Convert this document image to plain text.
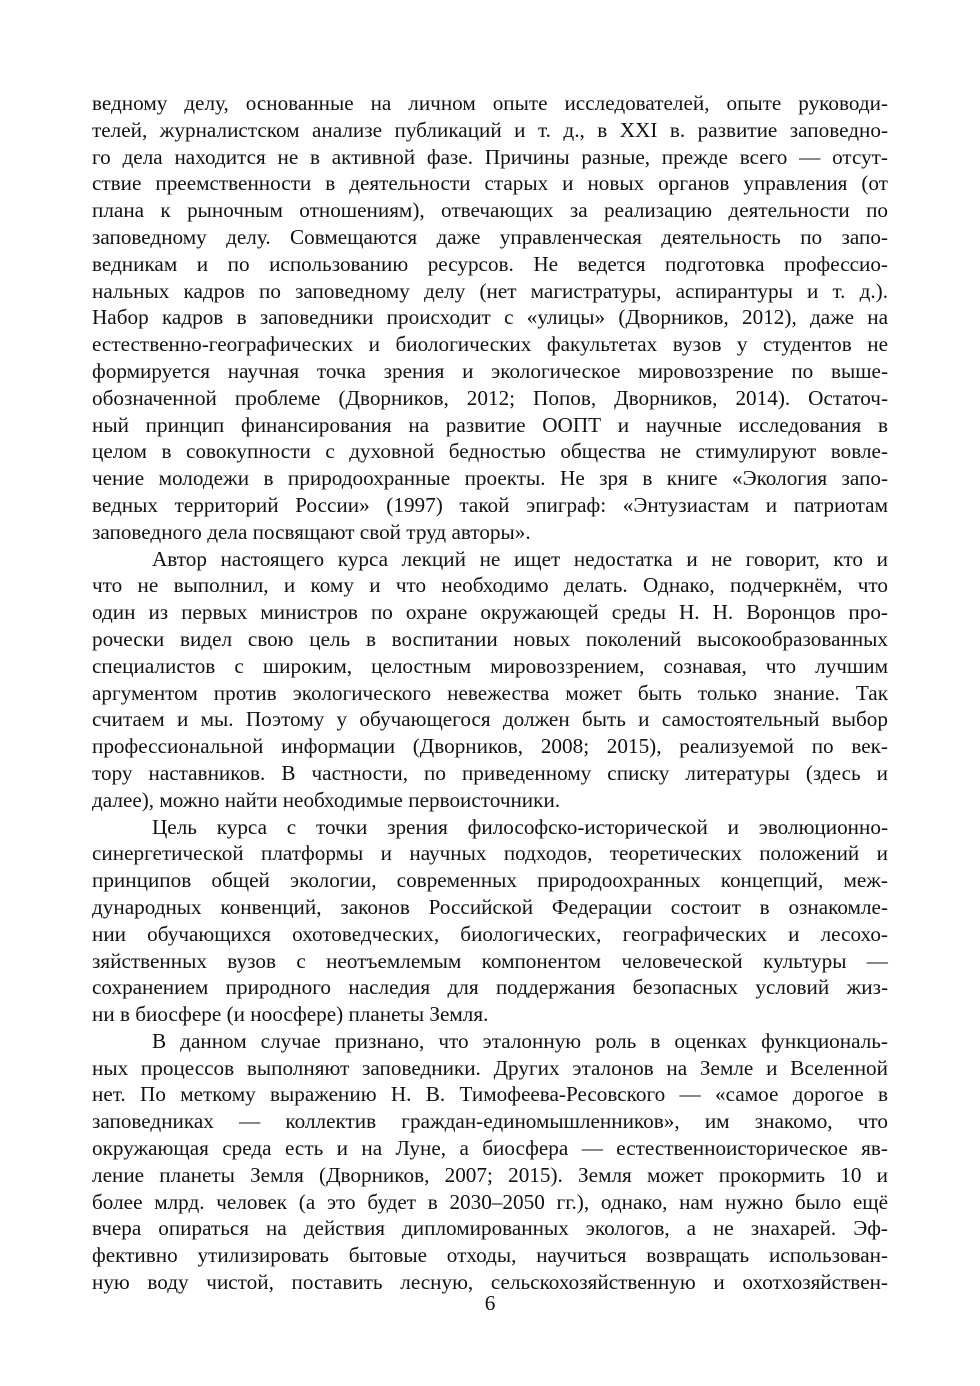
ведному делу, основанные на личном опыте исследователей, опыте руководи-
телей, журналистском анализе публикаций и т. д., в XXI в. развитие заповедно-
го дела находится не в активной фазе. Причины разные, прежде всего — отсут-
ствие преемственности в деятельности старых и новых органов управления (от
плана к рыночным отношениям), отвечающих за реализацию деятельности по
заповедному делу. Совмещаются даже управленческая деятельность по запо-
ведникам и по использованию ресурсов. Не ведется подготовка профессио-
нальных кадров по заповедному делу (нет магистратуры, аспирантуры и т. д.).
Набор кадров в заповедники происходит с «улицы» (Дворников, 2012), даже на
естественно-географических и биологических факультетах вузов у студентов не
формируется научная точка зрения и экологическое мировоззрение по выше-
обозначенной проблеме (Дворников, 2012; Попов, Дворников, 2014). Остаточ-
ный принцип финансирования на развитие ООПТ и научные исследования в
целом в совокупности с духовной бедностью общества не стимулируют вовле-
чение молодежи в природоохранные проекты. Не зря в книге «Экология запо-
ведных территорий России» (1997) такой эпиграф: «Энтузиастам и патриотам
заповедного дела посвящают свой труд авторы».
Автор настоящего курса лекций не ищет недостатка и не говорит, кто и
что не выполнил, и кому и что необходимо делать. Однако, подчеркнём, что
один из первых министров по охране окружающей среды Н. Н. Воронцов про-
рочески видел свою цель в воспитании новых поколений высокообразованных
специалистов с широким, целостным мировоззрением, сознавая, что лучшим
аргументом против экологического невежества может быть только знание. Так
считаем и мы. Поэтому у обучающегося должен быть и самостоятельный выбор
профессиональной информации (Дворников, 2008; 2015), реализуемой по век-
тору наставников. В частности, по приведенному списку литературы (здесь и
далее), можно найти необходимые первоисточники.
Цель курса с точки зрения философско-исторической и эволюционно-
синергетической платформы и научных подходов, теоретических положений и
принципов общей экологии, современных природоохранных концепций, меж-
дународных конвенций, законов Российской Федерации состоит в ознакомле-
нии обучающихся охотоведческих, биологических, географических и лесохо-
зяйственных вузов с неотъемлемым компонентом человеческой культуры —
сохранением природного наследия для поддержания безопасных условий жиз-
ни в биосфере (и ноосфере) планеты Земля.
В данном случае признано, что эталонную роль в оценках функциональ-
ных процессов выполняют заповедники. Других эталонов на Земле и Вселенной
нет. По меткому выражению Н. В. Тимофеева-Ресовского — «самое дорогое в
заповедниках — коллектив граждан-единомышленников», им знакомо, что
окружающая среда есть и на Луне, а биосфера — естественноисторическое яв-
ление планеты Земля (Дворников, 2007; 2015). Земля может прокормить 10 и
более млрд. человек (а это будет в 2030–2050 гг.), однако, нам нужно было ещё
вчера опираться на действия дипломированных экологов, а не знахарей. Эф-
фективно утилизировать бытовые отходы, научиться возвращать использован-
ную воду чистой, поставить лесную, сельскохозяйственную и охотхозяйствен-
6
